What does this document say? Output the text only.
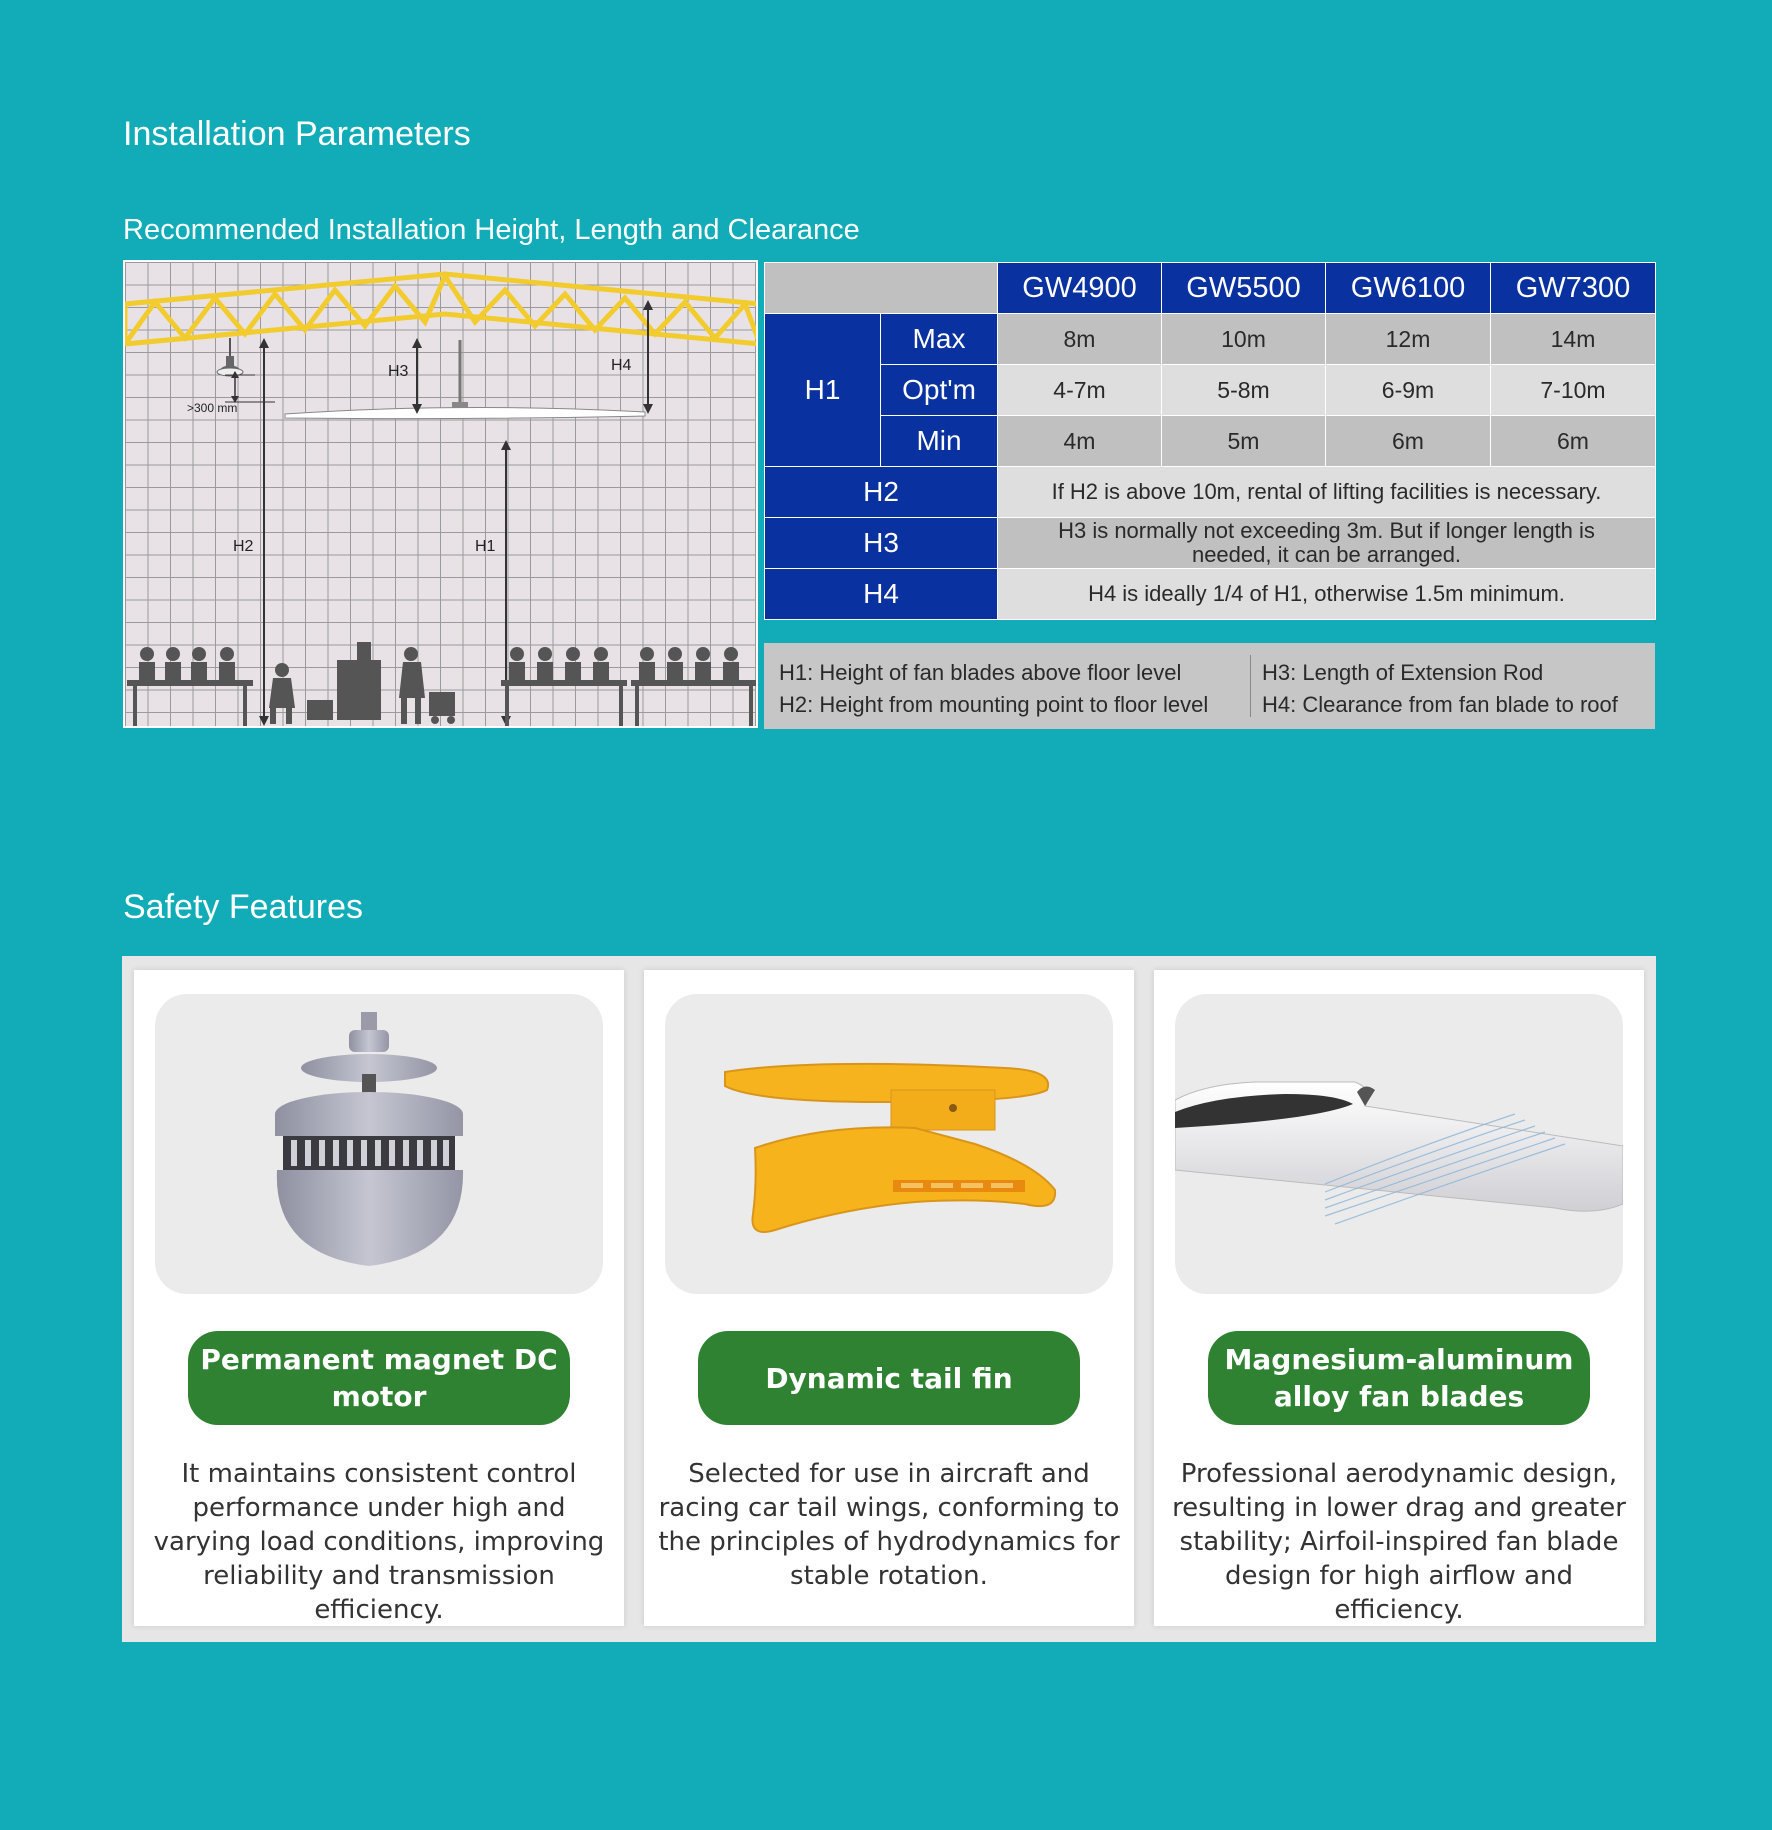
Installation Parameters
Recommended Installation Height, Length and Clearance
>300 mm
H3	H4
H2	H1
		GW4900	GW5500	GW6100	GW7300
H1	Max	8m	10m	12m	14m
	Opt'm	4-7m	5-8m	6-9m	7-10m
	Min	4m	5m	6m	6m
H2		If H2 is above 10m, rental of lifting facilities is necessary.			
H3		H3 is normally not exceeding 3m. But if longer length is needed, it can be arranged.			
H4		H4 is ideally 1/4 of H1, otherwise 1.5m minimum.			
H1: Height of fan blades above floor level
H2: Height from mounting point to floor level
H3: Length of Extension Rod
H4: Clearance from fan blade to roof
Safety Features
Permanent magnet DC motor
It maintains consistent control performance under high and varying load conditions, improving reliability and transmission efficiency.
Dynamic tail fin
Selected for use in aircraft and racing car tail wings, conforming to the principles of hydrodynamics for stable rotation.
Magnesium-aluminum alloy fan blades
Professional aerodynamic design, resulting in lower drag and greater stability; Airfoil-inspired fan blade design for high airflow and efficiency.
